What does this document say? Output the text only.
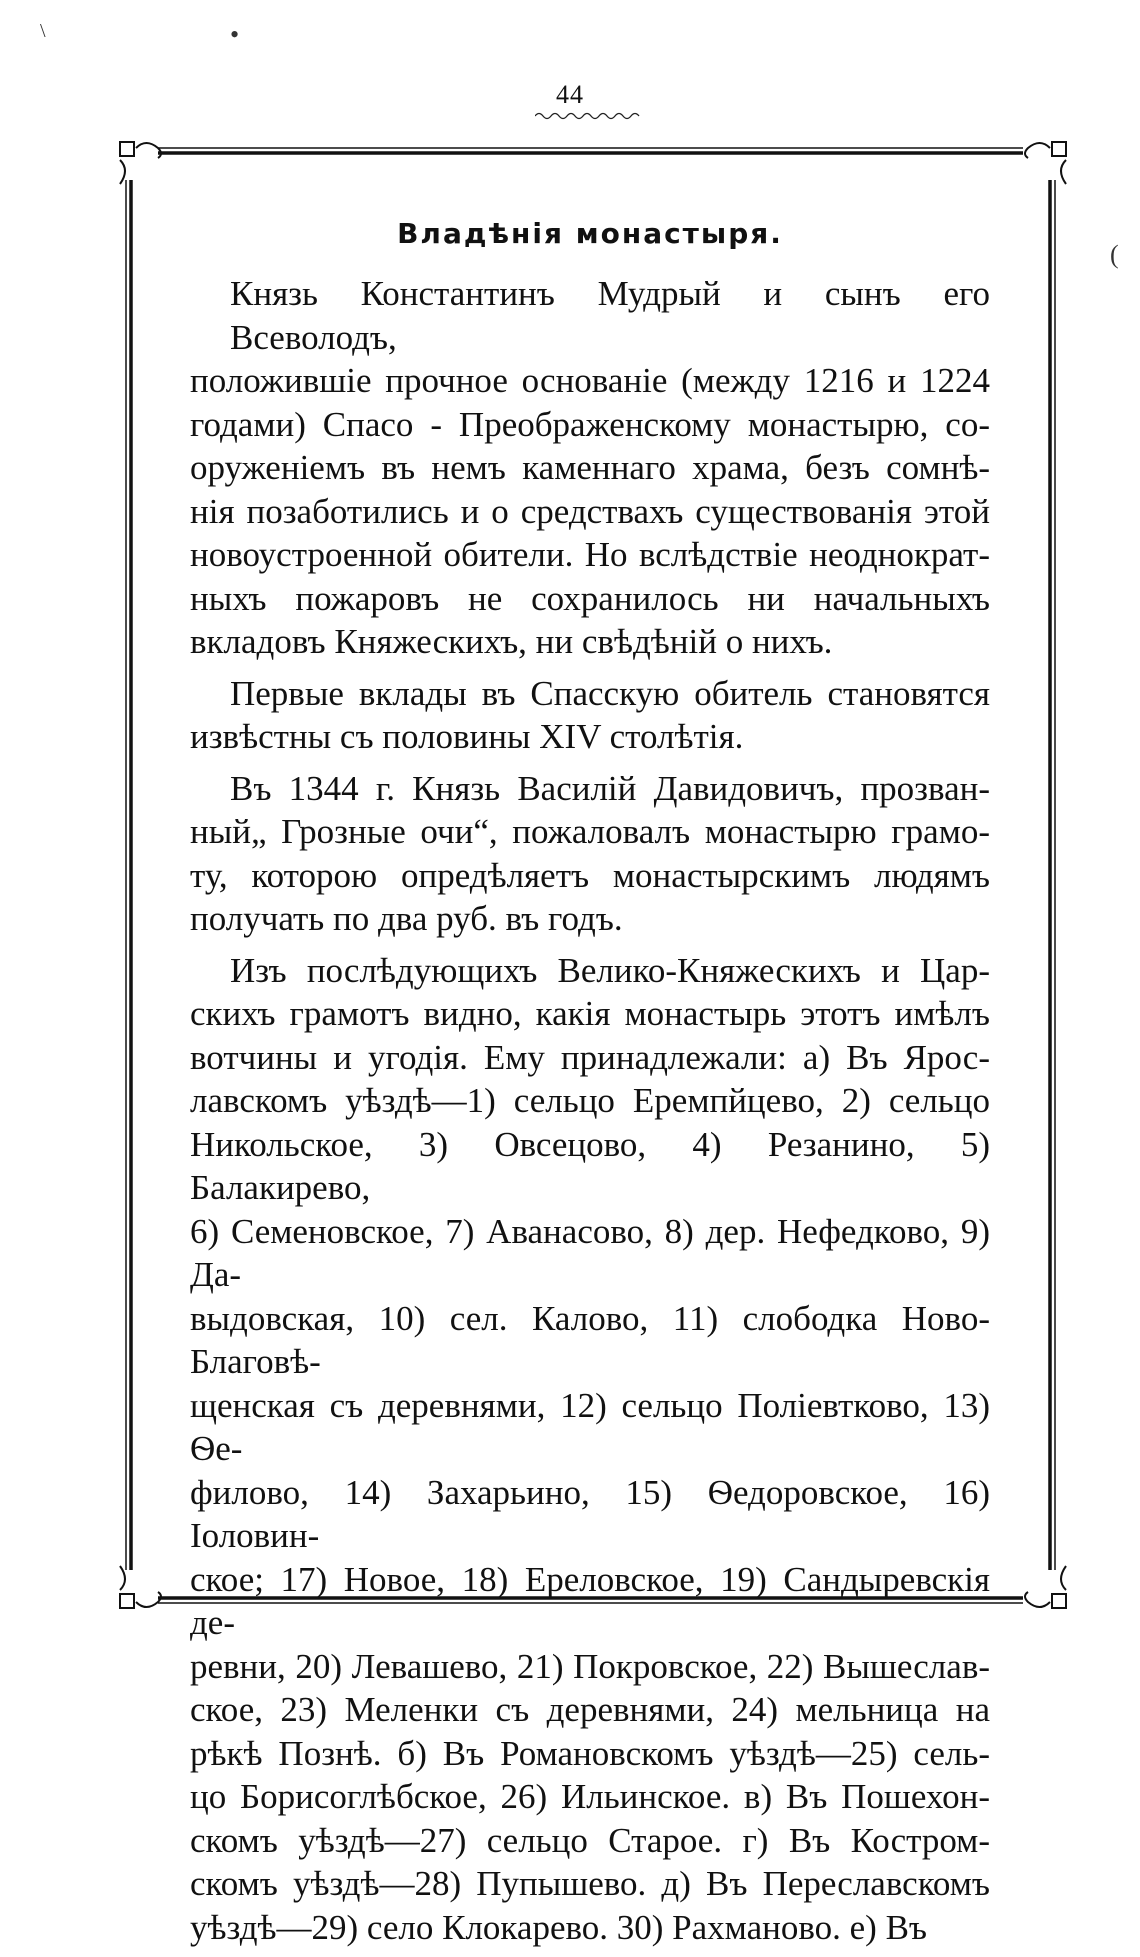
44
\	•
(
Владѣнія монастыря.
Князь Константинъ Мудрый и сынъ его Всеволодъ,
положившіе прочное основаніе (между 1216 и 1224
годами) Спасо - Преображенскому монастырю, со-
оруженіемъ въ немъ каменнаго храма, безъ сомнѣ-
нія позаботились и о средствахъ существованія этой
новоустроенной обители. Но вслѣдствіе неоднократ-
ныхъ пожаровъ не сохранилось ни начальныхъ
вкладовъ Княжескихъ, ни свѣдѣній о нихъ.
Первые вклады въ Спасскую обитель становятся
извѣстны съ половины XIV столѣтія.
Въ 1344 г. Князь Василій Давидовичъ, прозван-
ный„ Грозные очи“, пожаловалъ монастырю грамо-
ту, которою опредѣляетъ монастырскимъ людямъ
получать по два руб. въ годъ.
Изъ послѣдующихъ Велико-Княжескихъ и Цар-
скихъ грамотъ видно, какія монастырь этотъ имѣлъ
вотчины и угодія. Ему принадлежали: а) Въ Ярос-
лавскомъ уѣздѣ—1) сельцо Еремпйцево, 2) сельцо
Никольское, 3) Овсецово, 4) Резанино, 5) Балакирево,
6) Семеновское, 7) Аванасово, 8) дер. Нефедково, 9) Да-
выдовская, 10) сел. Калово, 11) слободка Ново-Благовѣ-
щенская съ деревнями, 12) сельцо Поліевтково, 13) Ѳе-
филово, 14) Захарьино, 15) Ѳедоровское, 16) Іоловин-
ское; 17) Новое, 18) Ереловское, 19) Сандыревскія де-
ревни, 20) Левашево, 21) Покровское, 22) Вышеслав-
ское, 23) Меленки съ деревнями, 24) мельница на
рѣкѣ Познѣ. б) Въ Романовскомъ уѣздѣ—25) сель-
цо Борисоглѣбское, 26) Ильинское. в) Въ Пошехон-
скомъ уѣздѣ—27) сельцо Старое. г) Въ Костром-
скомъ уѣздѣ—28) Пупышево. д) Въ Переславскомъ
уѣздѣ—29) село Клокарево. 30) Рахманово. е) Въ
